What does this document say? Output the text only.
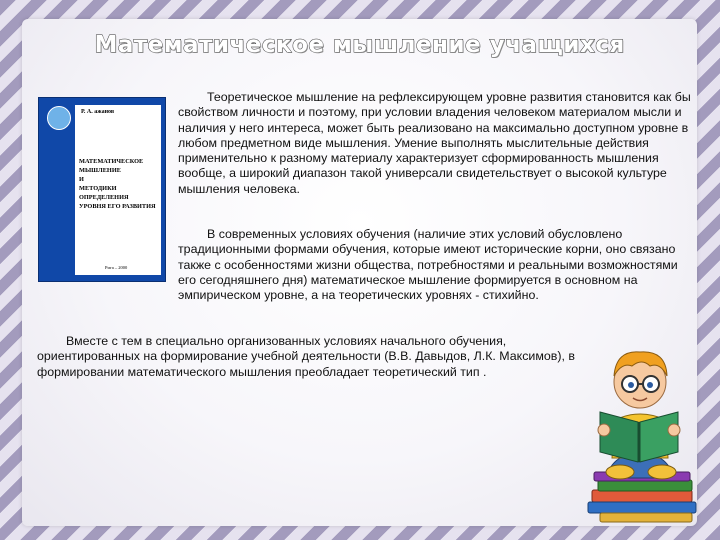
Математическое мышление учащихся
Р. А. ажанов
МАТЕМАТИЧЕСКОЕ
МЫШЛЕНИЕ
И
МЕТОДИКИ ОПРЕДЕЛЕНИЯ
УРОВНЯ ЕГО РАЗВИТИЯ
Рига – 2000

Теоретическое мышление на рефлексирующем уровне развития становится как бы свойством личности и поэтому, при условии владения человеком материалом мысли и наличия у него интереса, может быть реализовано на максимально доступном уровне в любом предметном виде мышления. Умение выполнять мыслительные действия применительно к разному материалу характеризует сформированность мышления вообще, а широкий диапазон такой универсали свидетельствует о высокой культуре мышления человека.

В современных условиях обучения (наличие этих условий обусловлено традиционными формами обучения, которые имеют исторические корни, оно связано также с особенностями жизни общества, потребностями и реальными возможностями его сегодняшнего дня) математическое мышление формируется в основном на эмпирическом уровне, а на теоретических уровнях - стихийно.

Вместе с тем в специально организованных условиях начального обучения, ориентированных на формирование учебной деятельности (В.В. Давыдов, Л.К. Максимов), в формировании математического мышления преобладает теоретический тип .
